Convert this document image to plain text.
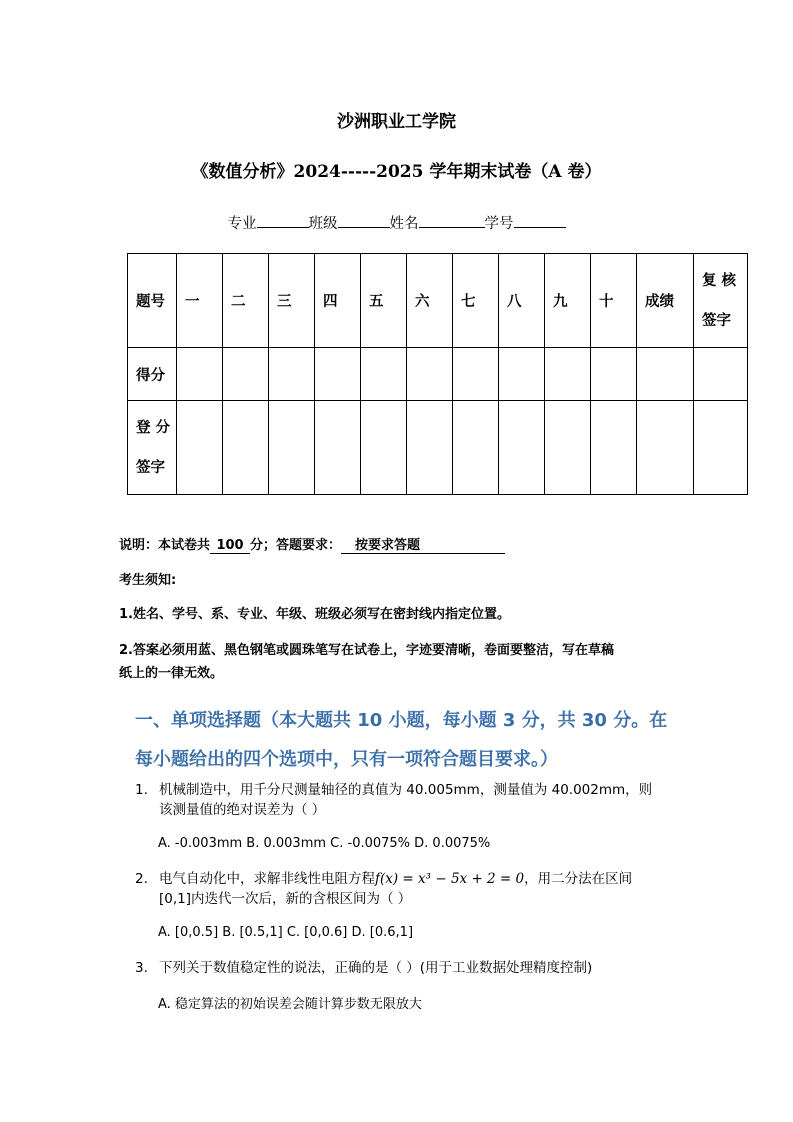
沙洲职业工学院
《数值分析》2024-----2025 学年期末试卷（A 卷）
专业	班级	姓名	学号
题号	一	二	三	四	五	六	七	八	九	十	成绩	复 核
签字

得分												

登 分
签字												

说明：本试卷共 100 分；答题要求： 按要求答题
考生须知:
1.姓名、学号、系、专业、年级、班级必须写在密封线内指定位置。
2.答案必须用蓝、黑色钢笔或圆珠笔写在试卷上，字迹要清晰，卷面要整洁，写在草稿
纸上的一律无效。
一、单项选择题（本大题共 10 小题，每小题 3 分，共 30 分。在
每小题给出的四个选项中，只有一项符合题目要求。）
1. 机械制造中，用千分尺测量轴径的真值为 40.005mm，测量值为 40.002mm，则
该测量值的绝对误差为（ ）
A. -0.003mm B. 0.003mm C. -0.0075% D. 0.0075%
2. 电气自动化中，求解非线性电阻方程f(x) = x³ − 5x + 2 = 0，用二分法在区间
[0,1]内迭代一次后，新的含根区间为（ ）
A. [0,0.5] B. [0.5,1] C. [0,0.6] D. [0.6,1]
3. 下列关于数值稳定性的说法，正确的是（ ）(用于工业数据处理精度控制)
A. 稳定算法的初始误差会随计算步数无限放大
